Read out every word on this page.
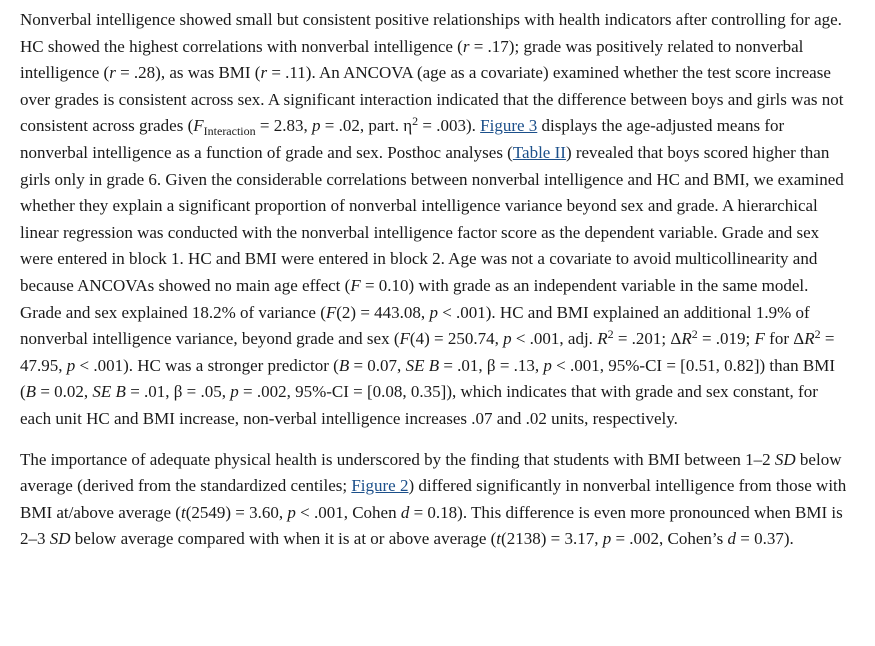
Nonverbal intelligence showed small but consistent positive relationships with health indicators after controlling for age. HC showed the highest correlations with nonverbal intelligence (r = .17); grade was positively related to nonverbal intelligence (r = .28), as was BMI (r = .11). An ANCOVA (age as a covariate) examined whether the test score increase over grades is consistent across sex. A significant interaction indicated that the difference between boys and girls was not consistent across grades ($F_{Interaction} = 2.83$, p = .02, part. $\eta^2 = .003$). Figure 3 displays the age-adjusted means for nonverbal intelligence as a function of grade and sex. Posthoc analyses (Table II) revealed that boys scored higher than girls only in grade 6. Given the considerable correlations between nonverbal intelligence and HC and BMI, we examined whether they explain a significant proportion of nonverbal intelligence variance beyond sex and grade. A hierarchical linear regression was conducted with the nonverbal intelligence factor score as the dependent variable. Grade and sex were entered in block 1. HC and BMI were entered in block 2. Age was not a covariate to avoid multicollinearity and because ANCOVAs showed no main age effect (F = 0.10) with grade as an independent variable in the same model. Grade and sex explained 18.2% of variance (F(2) = 443.08, p < .001). HC and BMI explained an additional 1.9% of nonverbal intelligence variance, beyond grade and sex (F(4) = 250.74, p < .001, adj. $R^2 = .201$; $\Delta R^2 = .019$; F for $\Delta R^2 = 47.95$, p < .001). HC was a stronger predictor (B = 0.07, SE B = .01, β = .13, p < .001, 95%-CI = [0.51, 0.82]) than BMI (B = 0.02, SE B = .01, β = .05, p = .002, 95%-CI = [0.08, 0.35]), which indicates that with grade and sex constant, for each unit HC and BMI increase, non-verbal intelligence increases .07 and .02 units, respectively.

The importance of adequate physical health is underscored by the finding that students with BMI between 1–2 SD below average (derived from the standardized centiles; Figure 2) differed significantly in nonverbal intelligence from those with BMI at/above average (t(2549) = 3.60, p < .001, Cohen d = 0.18). This difference is even more pronounced when BMI is 2–3 SD below average compared with when it is at or above average (t(2138) = 3.17, p = .002, Cohen’s d = 0.37).
